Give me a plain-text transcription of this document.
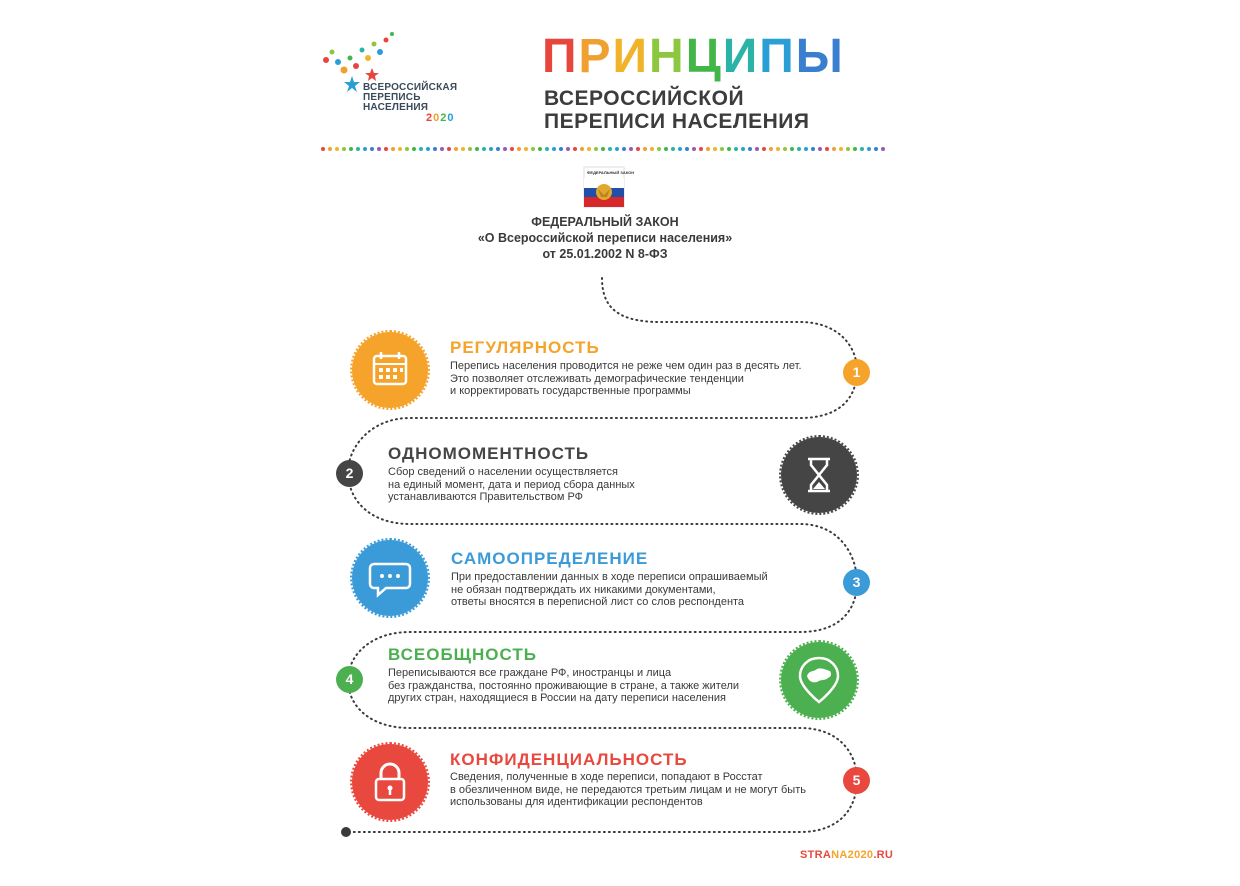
ВСЕРОССИЙСКАЯ
ПЕРЕПИСЬ
НАСЕЛЕНИЯ
2020
ПРИНЦИПЫ
ВСЕРОССИЙСКОЙ
ПЕРЕПИСИ НАСЕЛЕНИЯ
ФЕДЕРАЛЬНЫЙ ЗАКОН
ФЕДЕРАЛЬНЫЙ ЗАКОН
«О Всероссийской переписи населения»
от 25.01.2002 N 8-ФЗ
РЕГУЛЯРНОСТЬ
Перепись населения проводится не реже чем один раз в десять лет.
Это позволяет отслеживать демографические тенденции
и корректировать государственные программы
1
2
ОДНОМОМЕНТНОСТЬ
Сбор сведений о населении осуществляется
на единый момент, дата и период сбора данных
устанавливаются Правительством РФ
САМООПРЕДЕЛЕНИЕ
При предоставлении данных в ходе переписи опрашиваемый
не обязан подтверждать их никакими документами,
ответы вносятся в переписной лист со слов респондента
3
4
ВСЕОБЩНОСТЬ
Переписываются все граждане РФ, иностранцы и лица
без гражданства, постоянно проживающие в стране, а также жители
других стран, находящиеся в России на дату переписи населения
КОНФИДЕНЦИАЛЬНОСТЬ
Сведения, полученные в ходе переписи, попадают в Росстат
в обезличенном виде, не передаются третьим лицам и не могут быть
использованы для идентификации респондентов
5
STRANA2020.RU
